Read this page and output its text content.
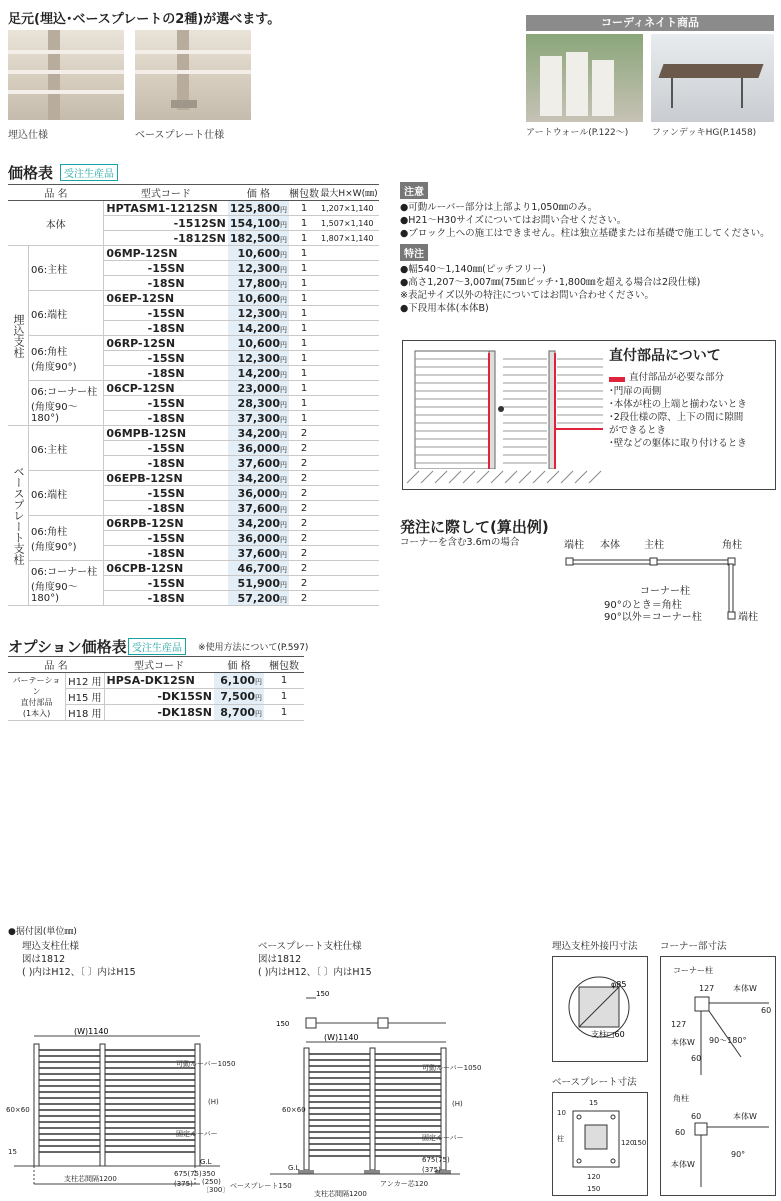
足元(埋込･ベースプレートの2種)が選べます。
埋込仕様	ベースプレート仕様
コーディネイト商品
アートウォール(P.122〜)	ファンデッキHG(P.1458)
価格表	受注生産品
品 名		型式コード	価 格	梱包数	最大H×W(㎜)
本体		HPTASM1-1212SN	125,800円	1	1,207×1,140
		-1512SN	154,100円	1	1,507×1,140
		-1812SN	182,500円	1	1,807×1,140
埋込支柱	06:主柱	06MP-12SN	10,600円	1	
		-15SN	12,300円	1	
		-18SN	17,800円	1	
	06:端柱	06EP-12SN	10,600円	1	
		-15SN	12,300円	1	
		-18SN	14,200円	1	
	06:角柱
(角度90°)	06RP-12SN	10,600円	1	
		-15SN	12,300円	1	
		-18SN	14,200円	1	
	06:コーナー柱
(角度90〜180°)	06CP-12SN	23,000円	1	
		-15SN	28,300円	1	
		-18SN	37,300円	1	
ベースプレート支柱	06:主柱	06MPB-12SN	34,200円	2	
		-15SN	36,000円	2	
		-18SN	37,600円	2	
	06:端柱	06EPB-12SN	34,200円	2	
		-15SN	36,000円	2	
		-18SN	37,600円	2	
	06:角柱
(角度90°)	06RPB-12SN	34,200円	2	
		-15SN	36,000円	2	
		-18SN	37,600円	2	
	06:コーナー柱
(角度90〜180°)	06CPB-12SN	46,700円	2	
		-15SN	51,900円	2	
		-18SN	57,200円	2	
オプション価格表 受注生産品	※使用方法について(P.597)
品 名		型式コード	価 格	梱包数
パーテーション
直付部品
(1本入)	H12 用	HPSA-DK12SN	6,100円	1
	H15 用	-DK15SN	7,500円	1
	H18 用	-DK18SN	8,700円	1
注意
●可動ルーバー部分は上部より1,050㎜のみ。
●H21〜H30サイズについてはお問い合せください。
●ブロック上への施工はできません。柱は独立基礎または布基礎で施工してください。
特注
●幅540〜1,140㎜(ピッチフリー)
●高さ1,207〜3,007㎜(75㎜ピッチ･1,800㎜を超える場合は2段仕様)
※表記サイズ以外の特注についてはお問い合わせください。
●下段用本体(本体B)
直付部品について
直付部品が必要な部分
･門扉の両側
･本体が柱の上端と揃わないとき
･2段仕様の際、上下の間に隙間
ができるとき
･壁などの躯体に取り付けるとき
発注に際して(算出例)
コーナーを含む3.6mの場合	端柱 本体 主柱	角柱
コーナー柱
端柱
90°のとき＝角柱
90°以外＝コーナー柱
●据付図(単位㎜)
埋込支柱仕様
図は1812
( )内はH12、〔 〕内はH15
(W)1140
60×60
15
支柱芯間隔1200
G.L
(H)
(375)
675(75) 350
(250)
〔300〕
可動ルーバー1050
固定ルーバー
ベースプレート支柱仕様
図は1812
( )内はH12、〔 〕内はH15
150
150
(W)1140
60×60
G.L
ベースプレート150
支柱芯間隔1200
アンカー芯120
(H)
675(75)
(375)
可動ルーバー1050
固定ルーバー
埋込支柱外接円寸法
φ85
支柱□60
コーナー部寸法
コーナー柱
127 本体W
127
60
60
90〜180°
本体W
角柱
60	本体W
60
本体W
90°
ベースプレート寸法
15
10
柱	120
150
120
150
